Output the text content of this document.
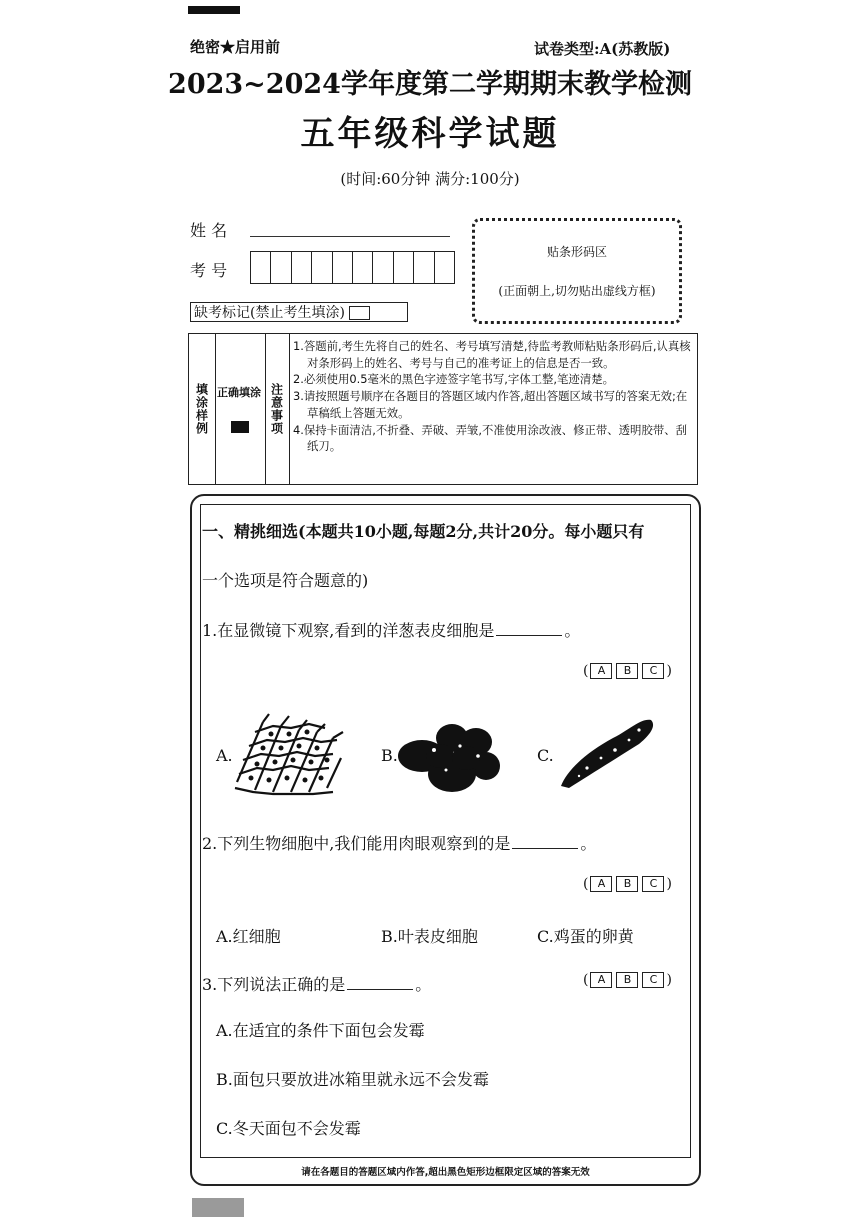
绝密★启用前	试卷类型:A(苏教版)
2023~2024学年度第二学期期末教学检测
五年级科学试题
(时间:60分钟 满分:100分)
姓 名
考 号
缺考标记(禁止考生填涂)
贴条形码区
(正面朝上,切勿贴出虚线方框)
填涂样例 正确填涂 注意事项
1.答题前,考生先将自己的姓名、考号填写清楚,待监考教师粘贴条形码后,认真核对条形码上的姓名、考号与自己的准考证上的信息是否一致。
2.必须使用0.5毫米的黑色字迹签字笔书写,字体工整,笔迹清楚。
3.请按照题号顺序在各题目的答题区域内作答,超出答题区域书写的答案无效;在草稿纸上答题无效。
4.保持卡面清洁,不折叠、弄破、弄皱,不准使用涂改液、修正带、透明胶带、刮纸刀。
请在各题目的答题区域内作答,超出黑色矩形边框限定区域的答案无效
一、精挑细选(本题共10小题,每题2分,共计20分。每小题只有
一个选项是符合题意的)
1.在显微镜下观察,看到的洋葱表皮细胞是	。
( A B C )
A.	B.	C.
2.下列生物细胞中,我们能用肉眼观察到的是	。
( A B C )
A.红细胞	B.叶表皮细胞	C.鸡蛋的卵黄
3.下列说法正确的是	。	( A B C )
A.在适宜的条件下面包会发霉
B.面包只要放进冰箱里就永远不会发霉
C.冬天面包不会发霉
